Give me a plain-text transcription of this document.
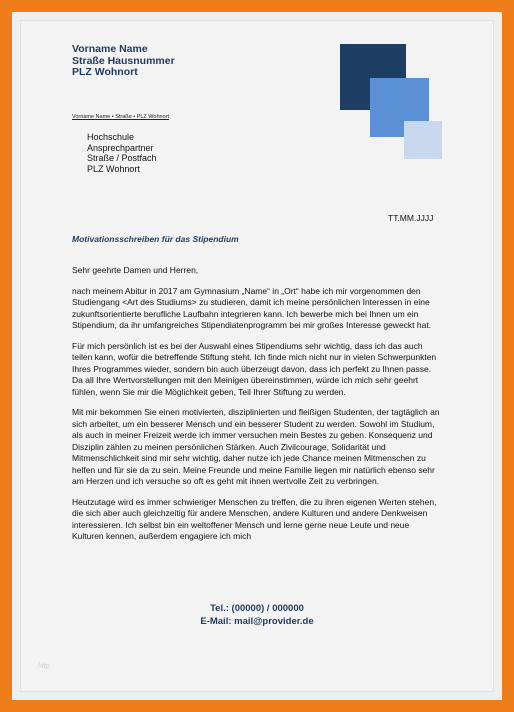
Vorname Name
Straße Hausnummer
PLZ Wohnort
Vorname Name • Straße • PLZ Wohnort
Hochschule
Ansprechpartner
Straße / Postfach
PLZ Wohnort
TT.MM.JJJJ
Motivationsschreiben für das Stipendium

Sehr geehrte Damen und Herren,

nach meinem Abitur in 2017 am Gymnasium „Name“ in „Ort“ habe ich mir vorgenommen den Studiengang <Art des Studiums> zu studieren, damit ich meine persönlichen Interessen in eine zukunftsorientierte berufliche Laufbahn integrieren kann. Ich bewerbe mich bei Ihnen um ein Stipendium, da ihr umfangreiches Stipendiatenprogramm bei mir großes Interesse geweckt hat.

Für mich persönlich ist es bei der Auswahl eines Stipendiums sehr wichtig, dass ich das auch teilen kann, wofür die betreffende Stiftung steht. Ich finde mich nicht nur in vielen Schwerpunkten Ihres Programmes wieder, sondern bin auch überzeugt davon, dass ich perfekt zu Ihnen passe. Da all Ihre Wertvorstellungen mit den Meinigen übereinstimmen, würde ich mich sehr geehrt fühlen, wenn Sie mir die Möglichkeit geben, Teil Ihrer Stiftung zu werden.

Mit mir bekommen Sie einen motivierten, disziplinierten und fleißigen Studenten, der tagtäglich an sich arbeitet, um ein besserer Mensch und ein besserer Student zu werden. Sowohl im Studium, als auch in meiner Freizeit werde ich immer versuchen mein Bestes zu geben. Konsequenz und Disziplin zählen zu meinen persönlichen Stärken. Auch Zivilcourage, Solidarität und Mitmenschlichkeit sind mir sehr wichtig, daher nutze ich jede Chance meinen Mitmenschen zu helfen und für sie da zu sein. Meine Freunde und meine Familie liegen mir natürlich ebenso sehr am Herzen und ich versuche so oft es geht mit ihnen wertvolle Zeit zu verbringen.

Heutzutage wird es immer schwieriger Menschen zu treffen, die zu ihren eigenen Werten stehen, die sich aber auch gleichzeitig für andere Menschen, andere Kulturen und andere Denkweisen interessieren. Ich selbst bin ein weltoffener Mensch und lerne gerne neue Leute und neue Kulturen kennen, außerdem engagiere ich mich

Tel.: (00000) / 000000
E-Mail: mail@provider.de
http
